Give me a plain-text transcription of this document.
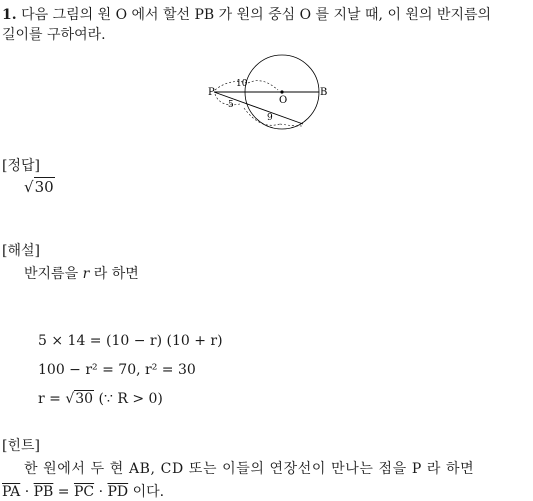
1. 다음 그림의 원 O 에서 할선 PB 가 원의 중심 O 를 지날 때, 이 원의 반지름의
길이를 구하여라.
P
O
B
10
5
9
[정답]
√30
[해설]
반지름을 r 라 하면
5 × 14 = (10 − r) (10 + r)
100 − r² = 70, r² = 30
r = √30 (∵ R > 0)
[힌트]
한 원에서 두 현 AB, CD 또는 이들의 연장선이 만나는 점을 P 라 하면
$\overline{PA} \cdot \overline{PB} = \overline{PC} \cdot \overline{PD}$ 이다.
